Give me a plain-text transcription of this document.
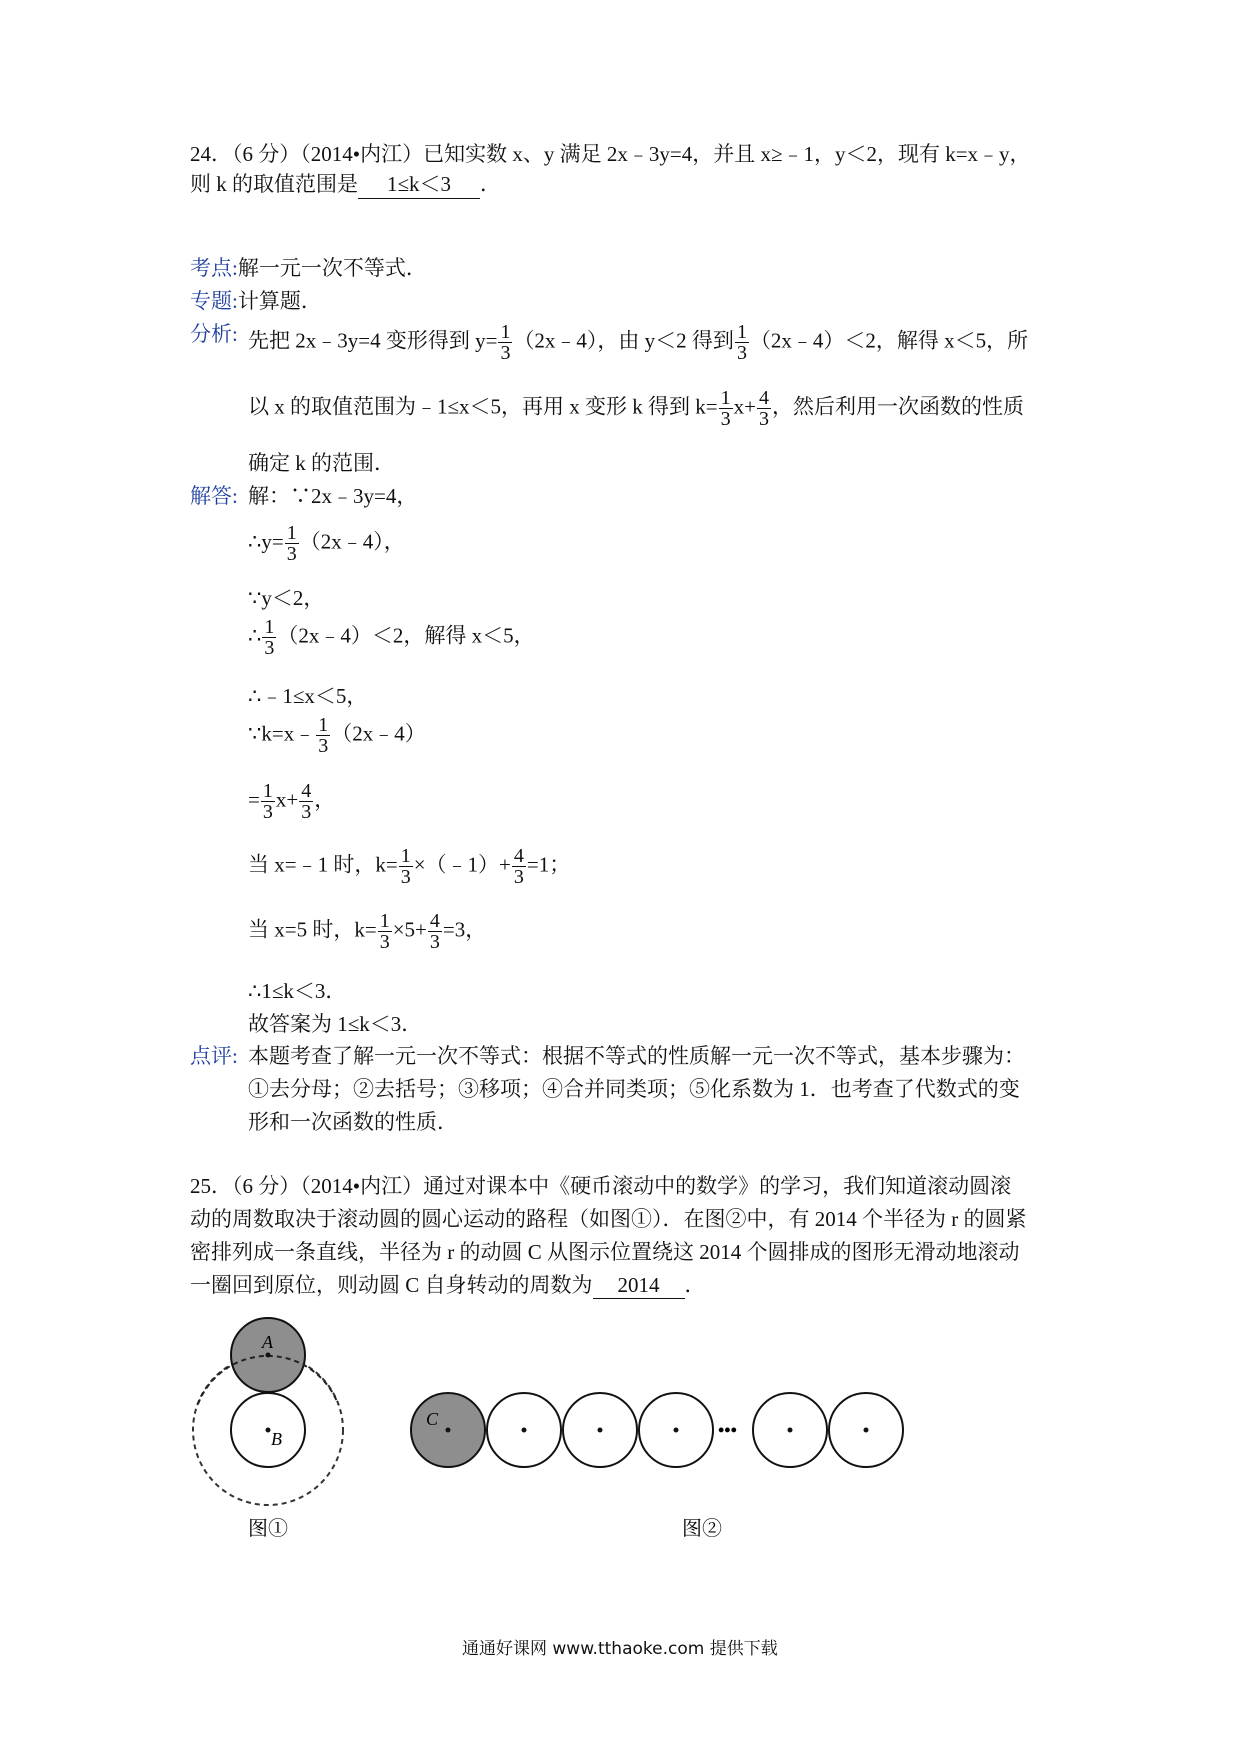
24．（6 分）（2014•内江）已知实数 x、y 满足 2x﹣3y=4，并且 x≥﹣1，y＜2，现有 k=x﹣y，
则 k 的取值范围是 1≤k＜3 ．
考点:解一元一次不等式．
专题:计算题．
分析: 先把 2x﹣3y=4 变形得到 $y= \frac{1}{3}$ （2x﹣4），由 y＜2 得到 $\frac{1}{3}$ （2x﹣4）＜2，解得 x＜5，所
以 x 的取值范围为﹣1≤x＜5，再用 x 变形 k 得到 $k= \frac{1}{3} x+ \frac{4}{3}$ ，然后利用一次函数的性质
确定 k 的范围．
解答: 解：∵2x﹣3y=4，
∴y= $\frac{1}{3}$ （2x﹣4），
∵y＜2，
∴ $\frac{1}{3}$ （2x﹣4）＜2，解得 x＜5，
∴﹣1≤x＜5，
∵k=x﹣ $\frac{1}{3}$ （2x﹣4）
= $\frac{1}{3} x+ \frac{4}{3}$ ，
当 x=﹣1 时，$k= \frac{1}{3}$ ×（﹣1）+ $\frac{4}{3} =1$；
当 x=5 时，$k= \frac{1}{3} \times 5+ \frac{4}{3} =3$，
∴1≤k＜3．
故答案为 1≤k＜3．
点评: 本题考查了解一元一次不等式：根据不等式的性质解一元一次不等式，基本步骤为：
①去分母；②去括号；③移项；④合并同类项；⑤化系数为 1．也考查了代数式的变
形和一次函数的性质．
25．（6 分）（2014•内江）通过对课本中《硬币滚动中的数学》的学习，我们知道滚动圆滚
动的周数取决于滚动圆的圆心运动的路程（如图①）．在图②中，有 2014 个半径为 r 的圆紧
密排列成一条直线，半径为 r 的动圆 C 从图示位置绕这 2014 个圆排成的图形无滑动地滚动
一圈回到原位，则动圆 C 自身转动的周数为 2014 ．
A
B
图①
C
•••
图②
通通好课网 www.tthaoke.com 提供下载
